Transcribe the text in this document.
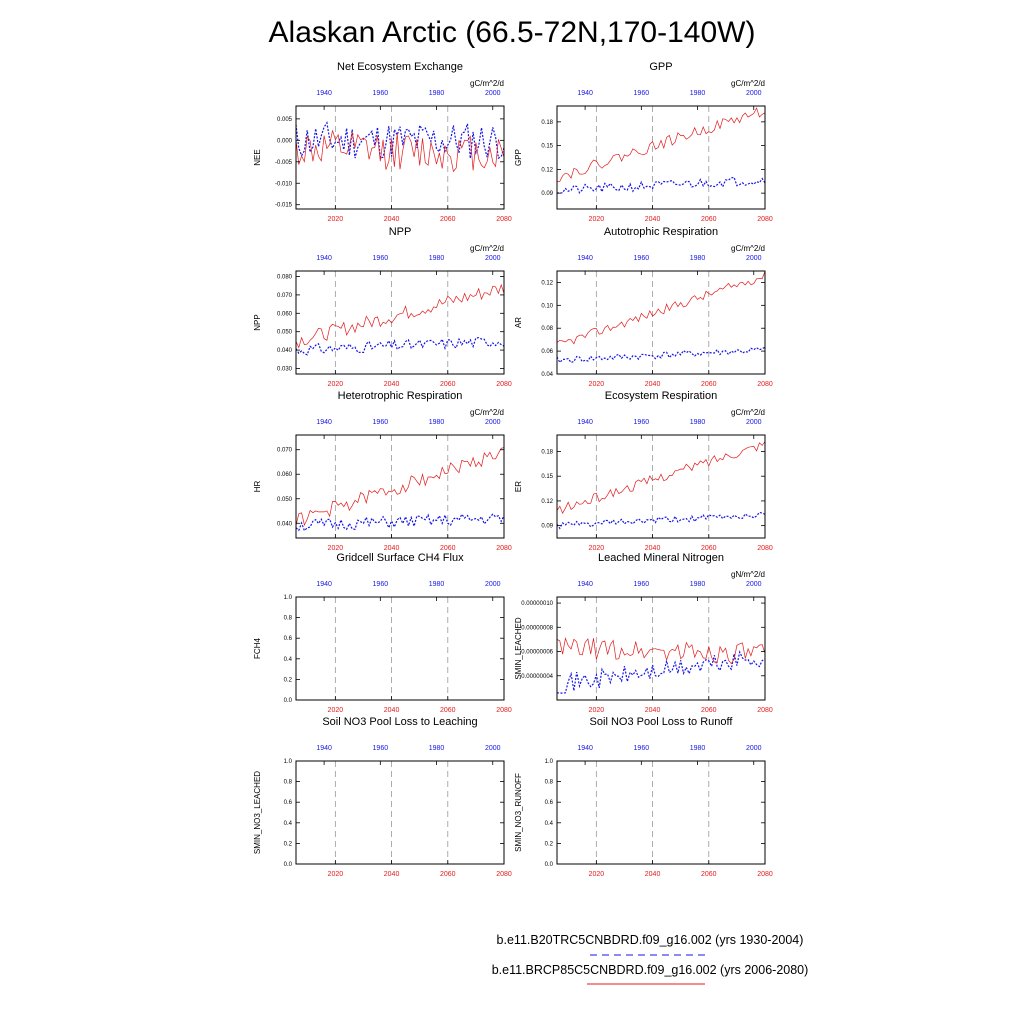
Alaskan Arctic (66.5-72N,170-140W)
Net Ecosystem Exchange
gC/m^2/d
0.005
0.000
-0.005
-0.010
-0.015
2020	2040	2060	2080
1940	1960	1980	2000
NEE
GPP
gC/m^2/d
0.18
0.15
0.12
0.09
2020	2040	2060	2080
1940	1960	1980	2000
GPP
NPP
gC/m^2/d
0.080
0.070
0.060
0.050
0.040
0.030
2020	2040	2060	2080
1940	1960	1980	2000
NPP
Autotrophic Respiration
gC/m^2/d
0.12
0.10
0.08
0.06
0.04
2020	2040	2060	2080
1940	1960	1980	2000
AR
Heterotrophic Respiration
gC/m^2/d
0.070
0.060
0.050
0.040
2020	2040	2060	2080
1940	1960	1980	2000
HR
Ecosystem Respiration
gC/m^2/d
0.18
0.15
0.12
0.09
2020	2040	2060	2080
1940	1960	1980	2000
ER
Gridcell Surface CH4 Flux
1.0
0.8
0.6
0.4
0.2
0.0
2020	2040	2060	2080
1940	1960	1980	2000
FCH4
Leached Mineral Nitrogen
gN/m^2/d
0.00000010
0.00000008
0.00000006
0.00000004
2020	2040	2060	2080
1940	1960	1980	2000
SMIN_LEACHED
Soil NO3 Pool Loss to Leaching
1.0
0.8
0.6
0.4
0.2
0.0
2020	2040	2060	2080
1940	1960	1980	2000
SMIN_NO3_LEACHED
Soil NO3 Pool Loss to Runoff
1.0
0.8
0.6
0.4
0.2
0.0
2020	2040	2060	2080
1940	1960	1980	2000
SMIN_NO3_RUNOFF
b.e11.B20TRC5CNBDRD.f09_g16.002 (yrs 1930-2004)
b.e11.BRCP85C5CNBDRD.f09_g16.002 (yrs 2006-2080)
